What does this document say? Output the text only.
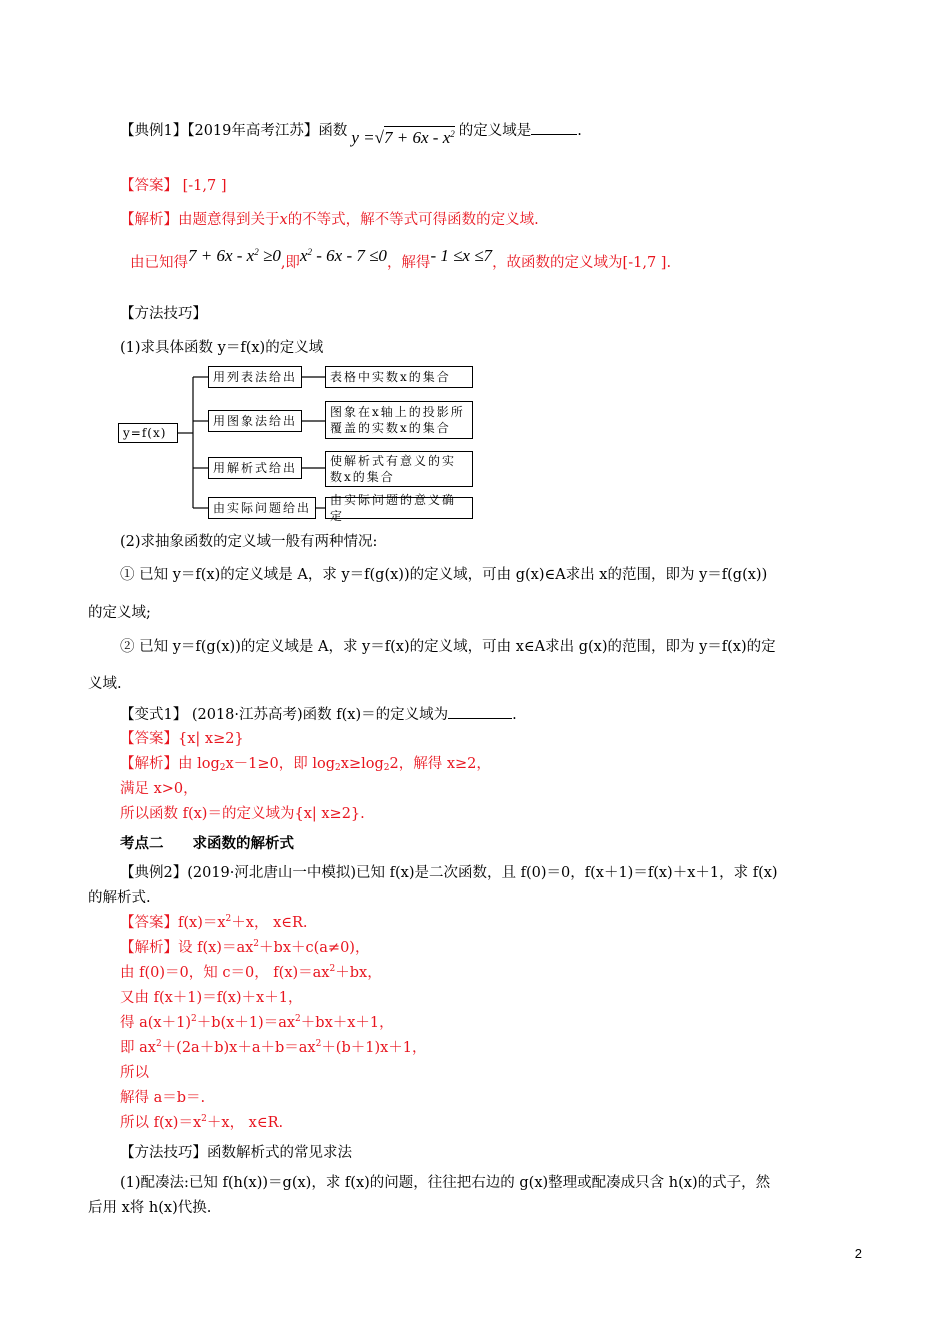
【典例1】【2019年高考江苏】函数 $y =√7 + 6x - x^2$ 的定义域是	.
【答案】 [-1,7 ]
【解析】由题意得到关于x的不等式，解不等式可得函数的定义域.
由已知得$7 + 6x - x^2 \ge 0$,即$x^2 - 6x - 7 \le 0$，解得- 1 ≤x ≤7，故函数的定义域为[-1,7 ].
【方法技巧】
(1)求具体函数 y＝f(x)的定义域
y=f(x)
用列表法给出
用图象法给出
用解析式给出
由实际问题给出
表格中实数x的集合
图象在x轴上的投影所覆盖的实数x的集合
使解析式有意义的实数x的集合
由实际问题的意义确定
(2)求抽象函数的定义域一般有两种情况:
① 已知 y＝f(x)的定义域是 A，求 y＝f(g(x))的定义域，可由 g(x)∈A求出 x的范围，即为 y＝f(g(x))
的定义域;
② 已知 y＝f(g(x))的定义域是 A，求 y＝f(x)的定义域，可由 x∈A求出 g(x)的范围，即为 y＝f(x)的定
义域.
【变式1】 (2018·江苏高考)函数 f(x)＝的定义域为	.
【答案】{x| x≥2}
【解析】由 $\log_2x-1\ge 0$，即 $\log_2x\ge\log_22$，解得 x≥2，
满足 x>0，
所以函数 f(x)＝的定义域为{x| x≥2}.
考点二　　求函数的解析式
【典例2】(2019·河北唐山一中模拟)已知 f(x)是二次函数，且 f(0)＝0，f(x＋1)＝f(x)＋x＋1，求 f(x)
的解析式.
【答案】$f(x)=x^2+x$， x∈R.
【解析】设 $f(x)=ax^2+bx+c(a\ne 0)$，
由 f(0)＝0，知 c＝0， $f(x)=ax^2+bx$，
又由 f(x＋1)＝f(x)＋x＋1，
得 $a(x+1)^2+b(x+1)=ax^2+bx+x+1$，
即 $ax^2+(2a+b)x+a+b=ax^2+(b+1)x+1$，
所以
解得 a＝b＝.
所以 $f(x)=x^2+x$， x∈R.
【方法技巧】函数解析式的常见求法
(1)配凑法:已知 f(h(x))＝g(x)，求 f(x)的问题，往往把右边的 g(x)整理或配凑成只含 h(x)的式子，然
后用 x将 h(x)代换.
2
